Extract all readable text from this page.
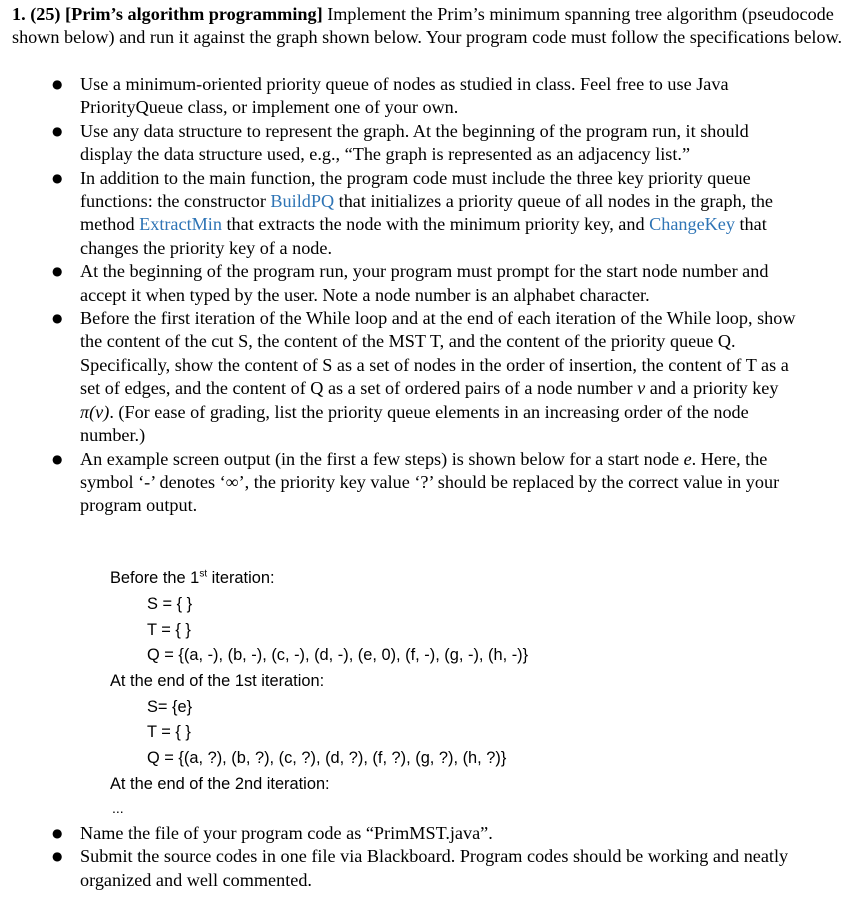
1. (25) [Prim’s algorithm programming] Implement the Prim’s minimum spanning tree algorithm (pseudocode shown below) and run it against the graph shown below. Your program code must follow the specifications below.

● Use a minimum-oriented priority queue of nodes as studied in class. Feel free to use Java PriorityQueue class, or implement one of your own.
● Use any data structure to represent the graph. At the beginning of the program run, it should display the data structure used, e.g., “The graph is represented as an adjacency list.”
● In addition to the main function, the program code must include the three key priority queue functions: the constructor BuildPQ that initializes a priority queue of all nodes in the graph, the method ExtractMin that extracts the node with the minimum priority key, and ChangeKey that changes the priority key of a node.
● At the beginning of the program run, your program must prompt for the start node number and accept it when typed by the user. Note a node number is an alphabet character.
● Before the first iteration of the While loop and at the end of each iteration of the While loop, show the content of the cut S, the content of the MST T, and the content of the priority queue Q. Specifically, show the content of S as a set of nodes in the order of insertion, the content of T as a set of edges, and the content of Q as a set of ordered pairs of a node number v and a priority key π(v). (For ease of grading, list the priority queue elements in an increasing order of the node number.)
● An example screen output (in the first a few steps) is shown below for a start node e. Here, the symbol ‘-’ denotes ‘∞’, the priority key value ‘?’ should be replaced by the correct value in your program output.
Before the 1st iteration:
S = { }
T = { }
Q = {(a, -), (b, -), (c, -), (d, -), (e, 0), (f, -), (g, -), (h, -)}
At the end of the 1st iteration:
S= {e}
T = { }
Q = {(a, ?), (b, ?), (c, ?), (d, ?), (f, ?), (g, ?), (h, ?)}
At the end of the 2nd iteration:
...
● Name the file of your program code as “PrimMST.java”.
● Submit the source codes in one file via Blackboard. Program codes should be working and neatly organized and well commented.
